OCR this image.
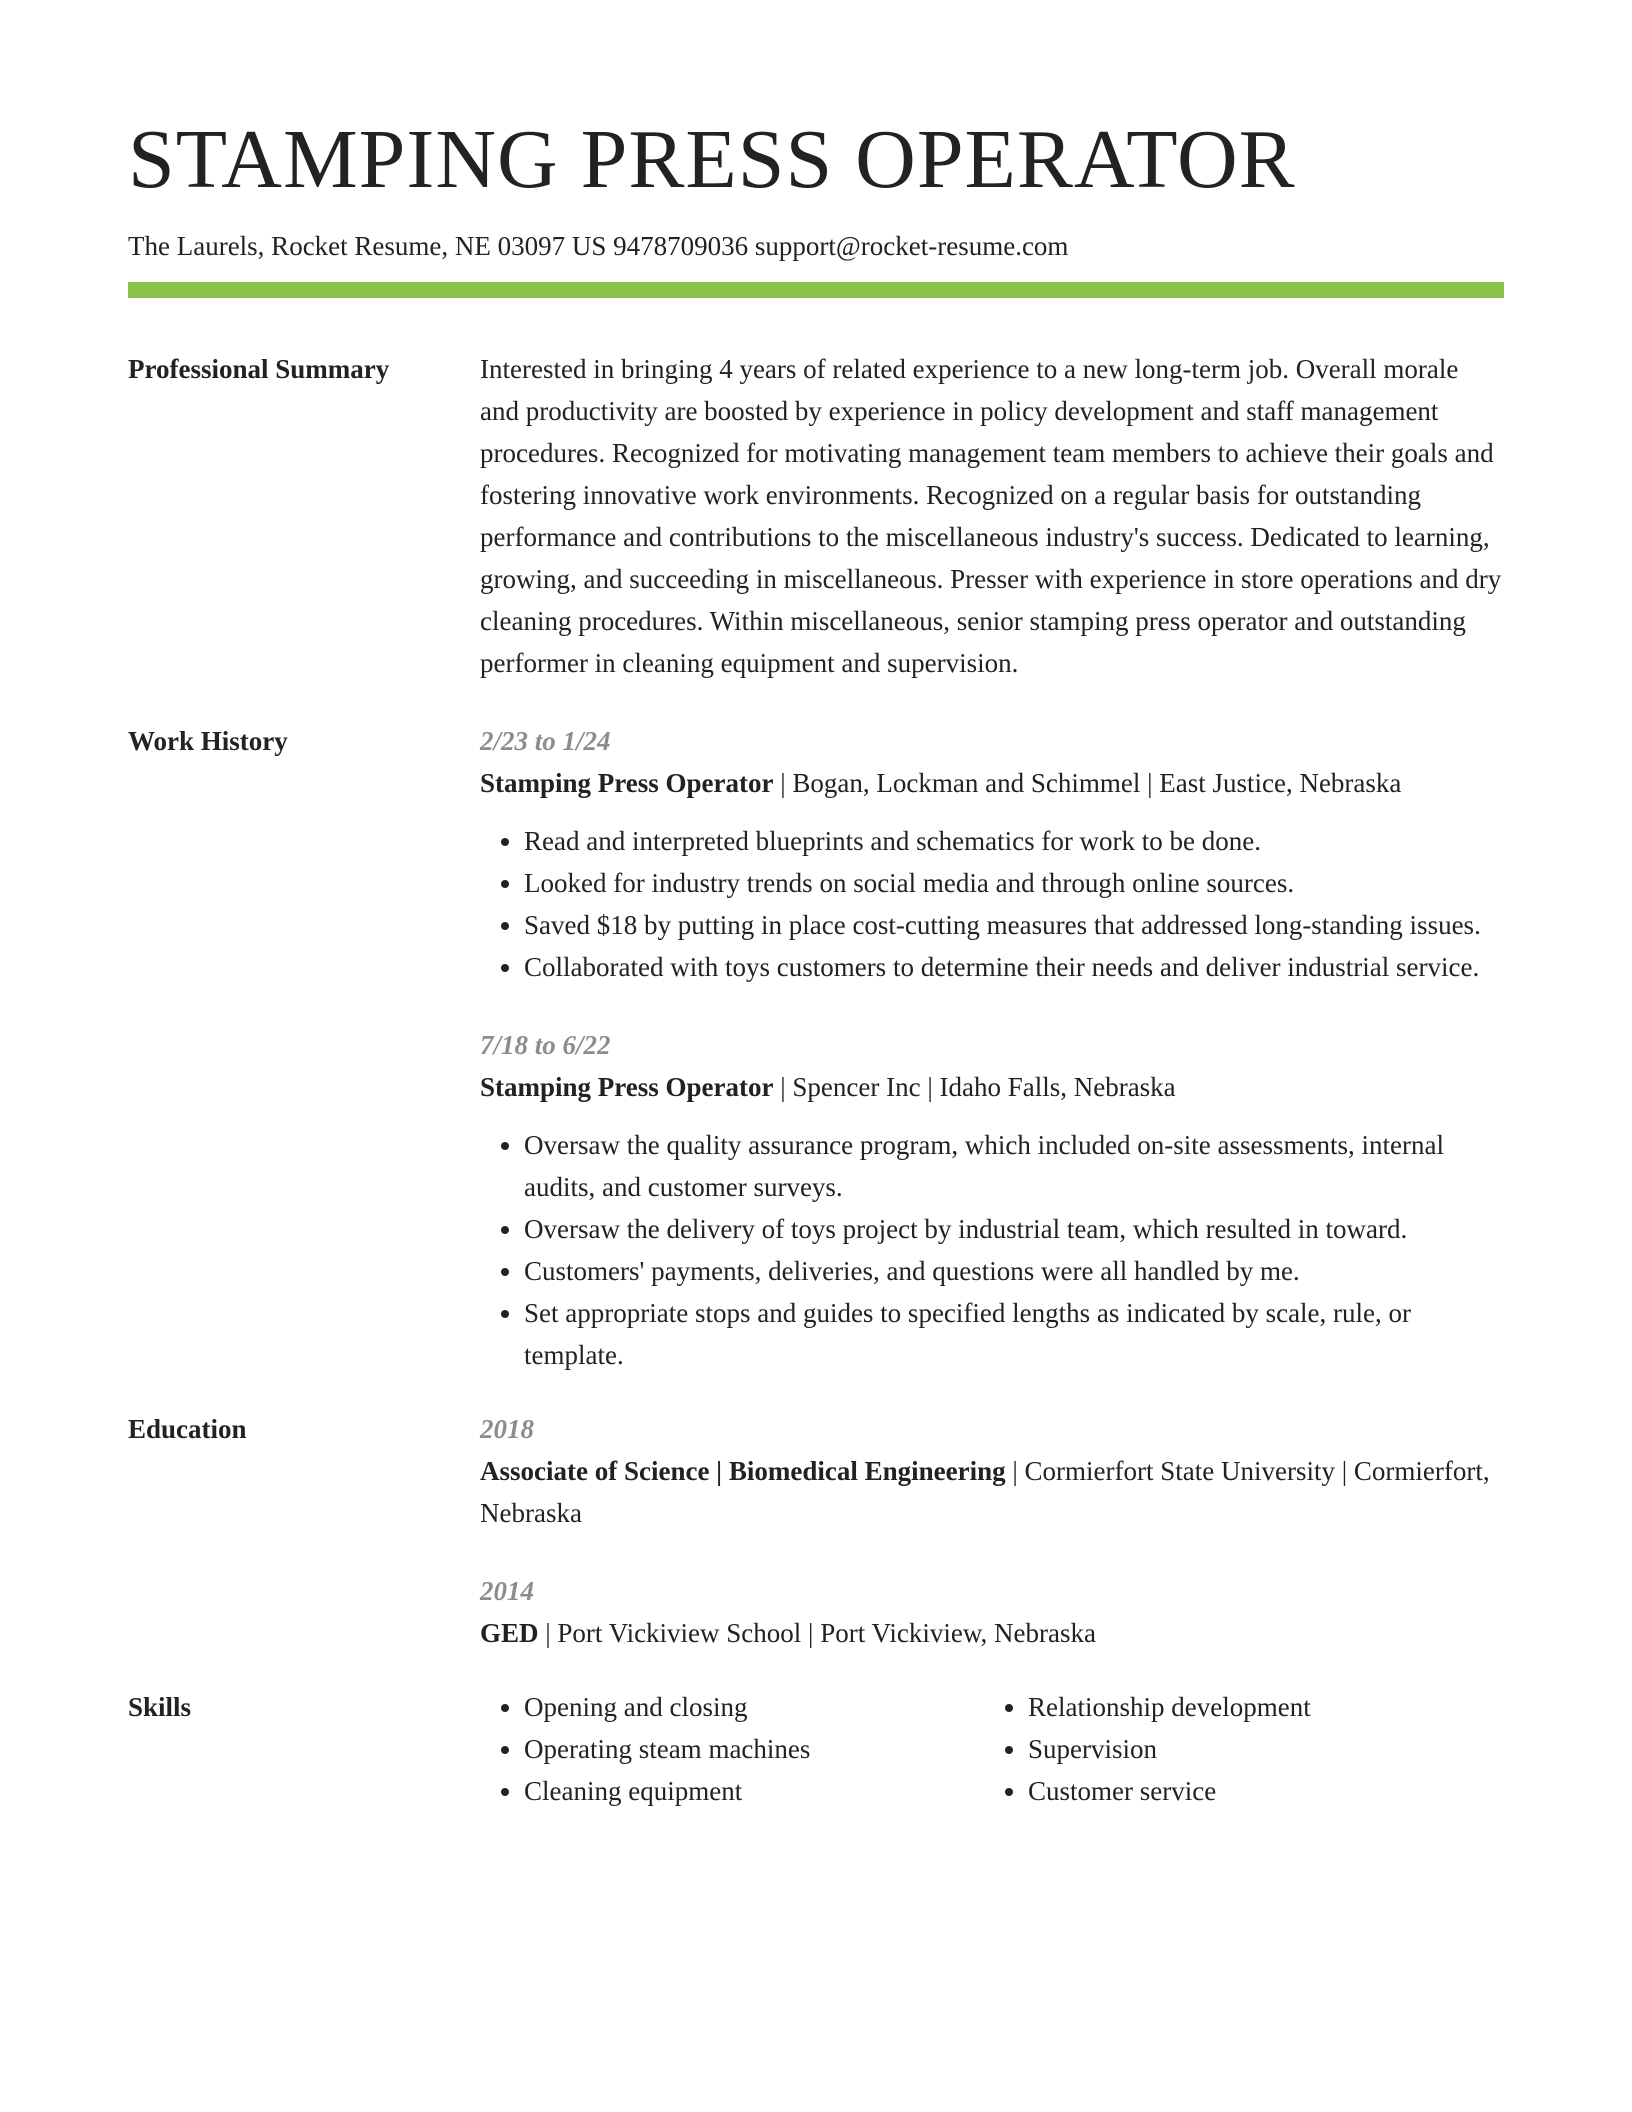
STAMPING PRESS OPERATOR
The Laurels, Rocket Resume, NE 03097 US 9478709036 support@rocket-resume.com
Professional Summary	Interested in bringing 4 years of related experience to a new long-term job. Overall morale and productivity are boosted by experience in policy development and staff management procedures. Recognized for motivating management team members to achieve their goals and fostering innovative work environments. Recognized on a regular basis for outstanding performance and contributions to the miscellaneous industry's success. Dedicated to learning, growing, and succeeding in miscellaneous. Presser with experience in store operations and dry cleaning procedures. Within miscellaneous, senior stamping press operator and outstanding performer in cleaning equipment and supervision.
Work History	2/23 to 1/24
Stamping Press Operator | Bogan, Lockman and Schimmel | East Justice, Nebraska
• Read and interpreted blueprints and schematics for work to be done.
• Looked for industry trends on social media and through online sources.
• Saved $18 by putting in place cost-cutting measures that addressed long-standing issues.
• Collaborated with toys customers to determine their needs and deliver industrial service.
7/18 to 6/22
Stamping Press Operator | Spencer Inc | Idaho Falls, Nebraska
• Oversaw the quality assurance program, which included on-site assessments, internal audits, and customer surveys.
• Oversaw the delivery of toys project by industrial team, which resulted in toward.
• Customers' payments, deliveries, and questions were all handled by me.
• Set appropriate stops and guides to specified lengths as indicated by scale, rule, or template.
Education	2018
Associate of Science | Biomedical Engineering | Cormierfort State University | Cormierfort, Nebraska
2014
GED | Port Vickiview School | Port Vickiview, Nebraska
Skills
•	Opening and closing
• Operating steam machines
• Cleaning equipment
• Relationship development
• Supervision
• Customer service
